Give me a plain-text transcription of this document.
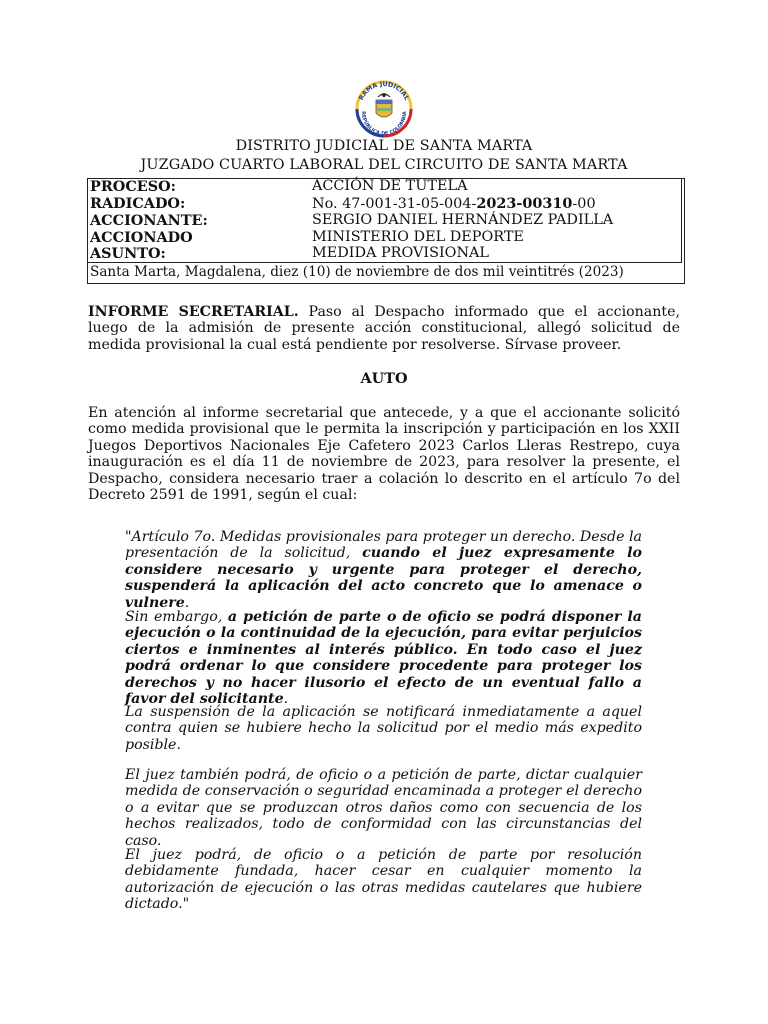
RAMA JUDICIAL
REPÚBLICA DE COLOMBIA
DISTRITO JUDICIAL DE SANTA MARTA
JUZGADO CUARTO LABORAL DEL CIRCUITO DE SANTA MARTA
PROCESO:	ACCIÓN DE TUTELA
RADICADO:	No. 47-001-31-05-004-2023-00310-00
ACCIONANTE:	SERGIO DANIEL HERNÁNDEZ PADILLA
ACCIONADO	MINISTERIO DEL DEPORTE
ASUNTO:	MEDIDA PROVISIONAL
Santa Marta, Magdalena, diez (10) de noviembre de dos mil veintitrés (2023)
INFORME SECRETARIAL. Paso al Despacho informado que el accionante, luego de la admisión de presente acción constitucional, allegó solicitud de medida provisional la cual está pendiente por resolverse. Sírvase proveer.
AUTO
En atención al informe secretarial que antecede, y a que el accionante solicitó como medida provisional que le permita la inscripción y participación en los XXII Juegos Deportivos Nacionales Eje Cafetero 2023 Carlos Lleras Restrepo, cuya inauguración es el día 11 de noviembre de 2023, para resolver la presente, el Despacho, considera necesario traer a colación lo descrito en el artículo 7o del Decreto 2591 de 1991, según el cual:
"Artículo 7o. Medidas provisionales para proteger un derecho. Desde la presentación de la solicitud, cuando el juez expresamente lo considere necesario y urgente para proteger el derecho, suspenderá la aplicación del acto concreto que lo amenace o vulnere.
Sin embargo, a petición de parte o de oficio se podrá disponer la ejecución o la continuidad de la ejecución, para evitar perjuicios ciertos e inminentes al interés público. En todo caso el juez podrá ordenar lo que considere procedente para proteger los derechos y no hacer ilusorio el efecto de un eventual fallo a favor del solicitante.
La suspensión de la aplicación se notificará inmediatamente a aquel contra quien se hubiere hecho la solicitud por el medio más expedito posible.
El juez también podrá, de oficio o a petición de parte, dictar cualquier medida de conservación o seguridad encaminada a proteger el derecho o a evitar que se produzcan otros daños como con secuencia de los hechos realizados, todo de conformidad con las circunstancias del caso.
El juez podrá, de oficio o a petición de parte por resolución debidamente fundada, hacer cesar en cualquier momento la autorización de ejecución o las otras medidas cautelares que hubiere dictado."
